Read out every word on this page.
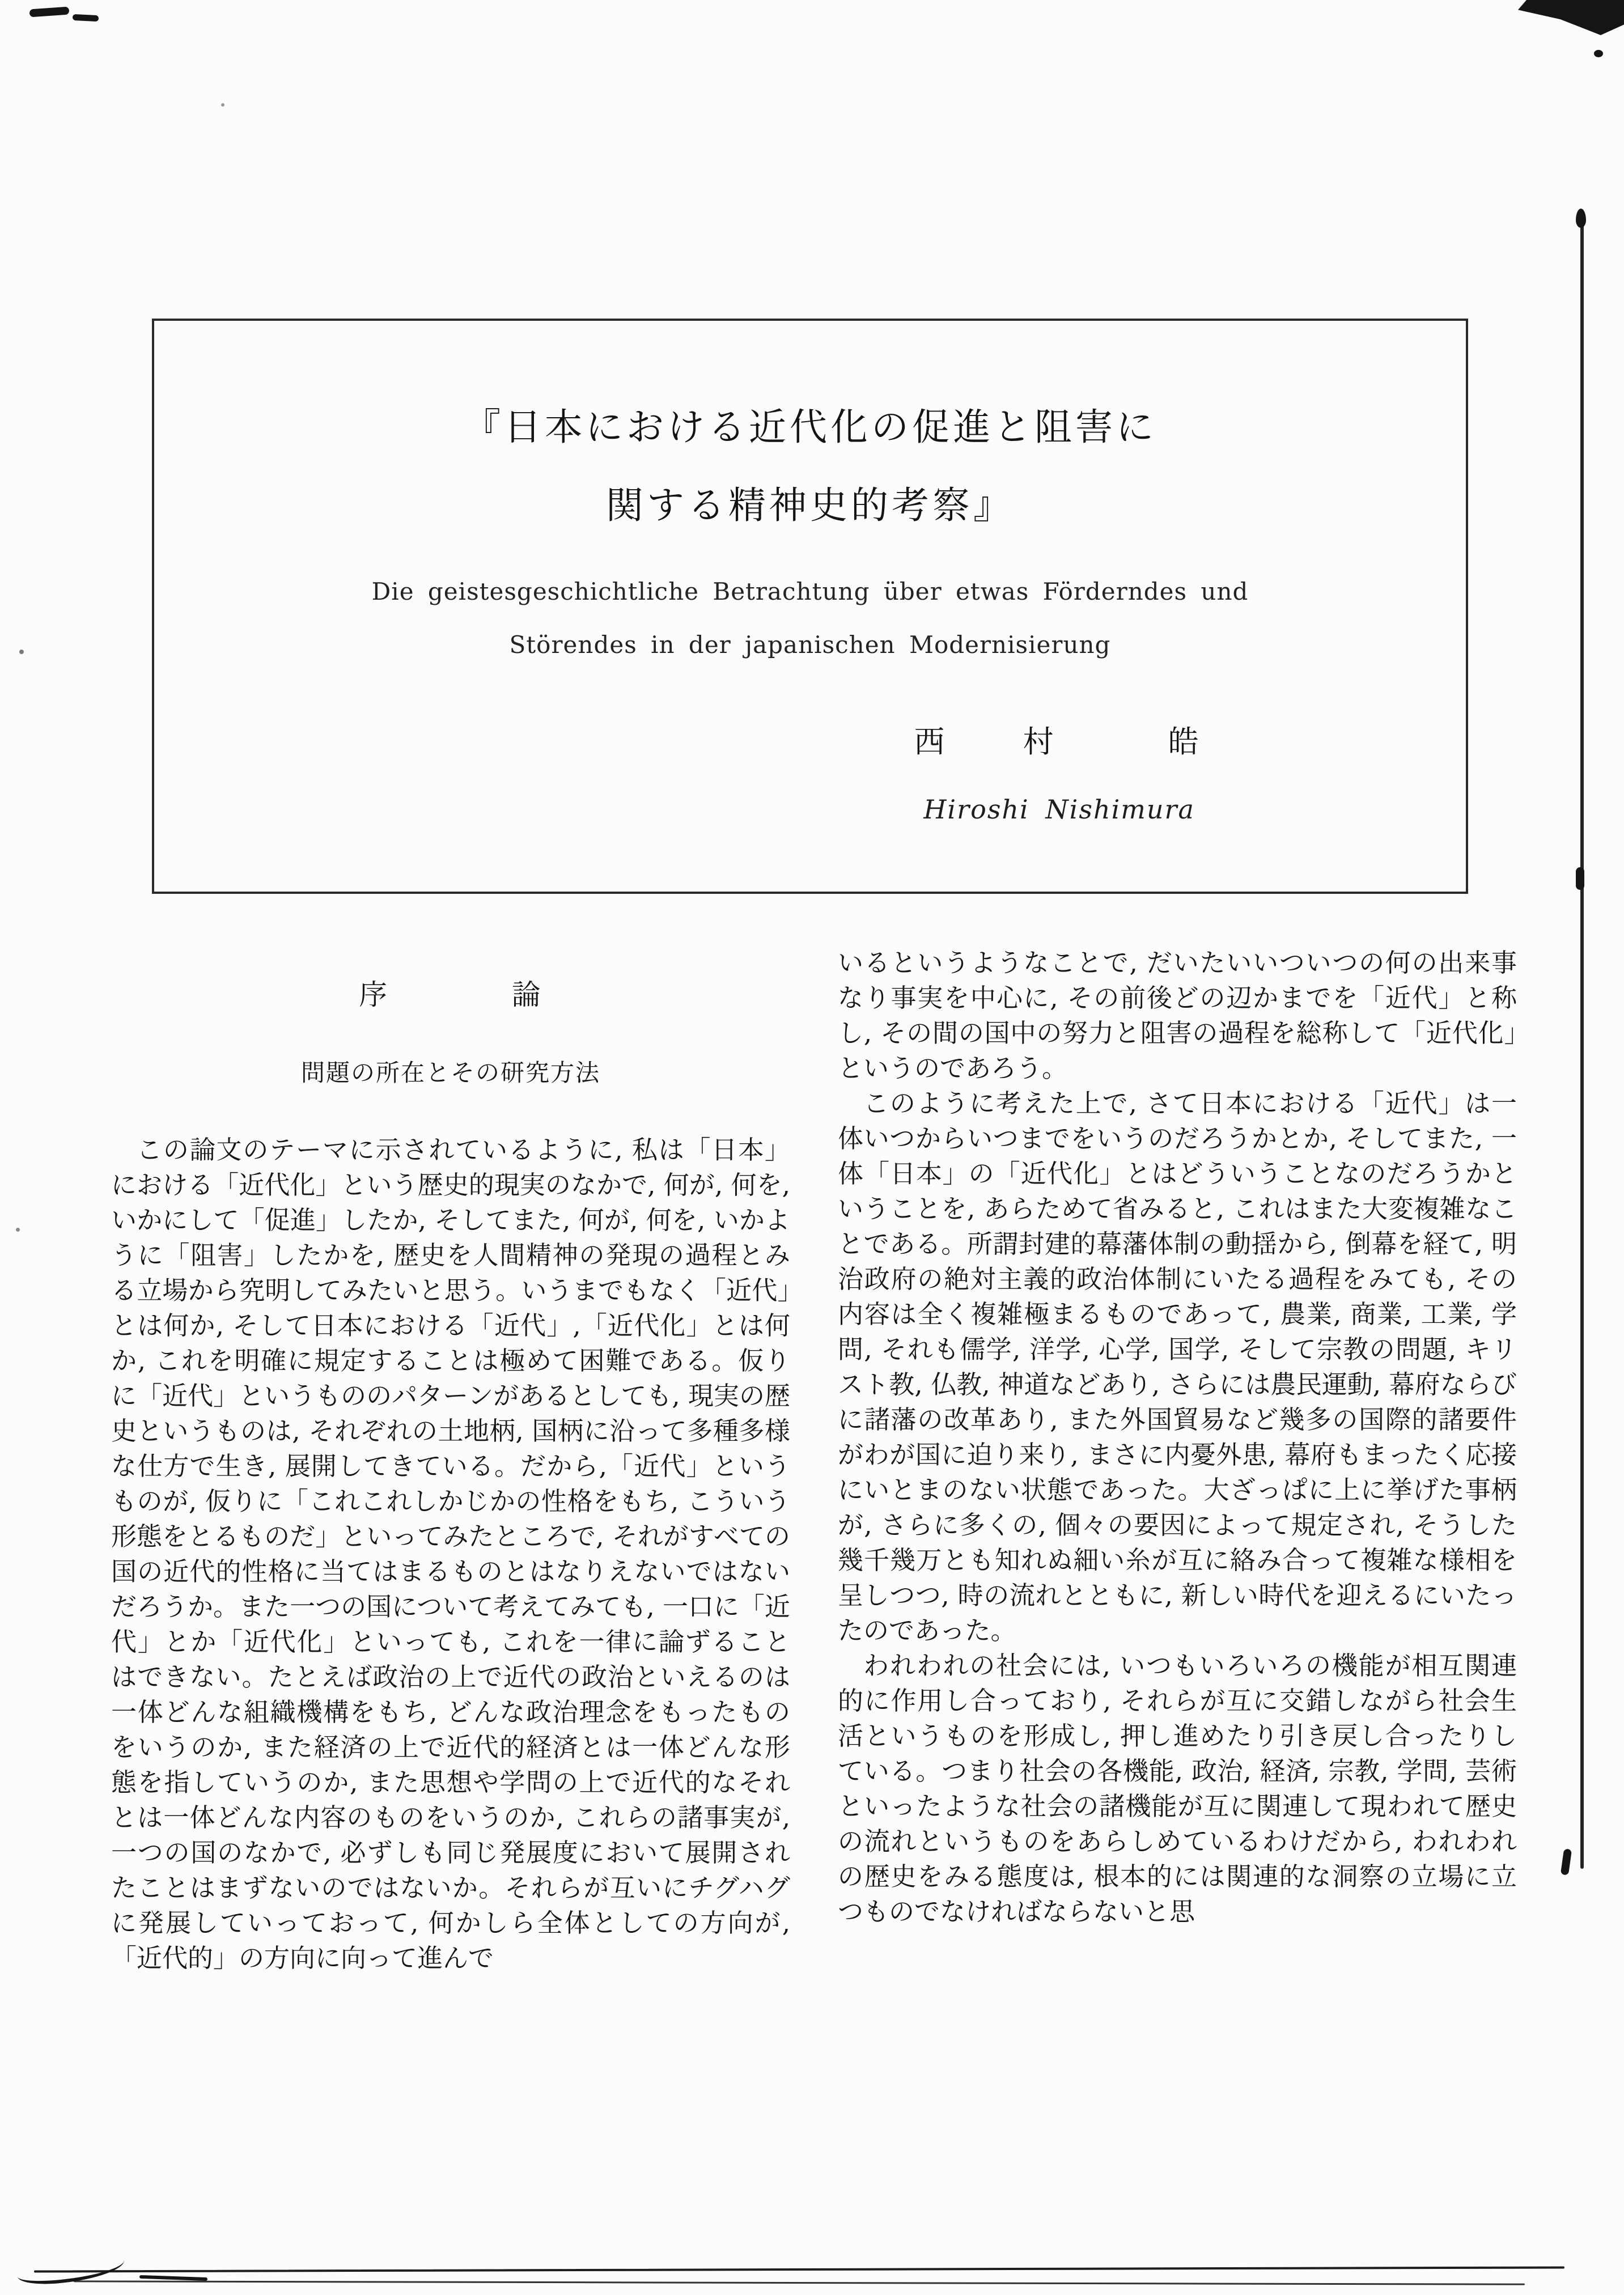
『日本における近代化の促進と阻害に
関する精神史的考察』
Die geistesgeschichtliche Betrachtung über etwas Förderndes und
Störendes in der japanischen Modernisierung
西　　村　　　皓
Hiroshi Nishimura
序　　　　論
問題の所在とその研究方法

この論文のテーマに示されているように, 私は「日本」における「近代化」という歴史的現実のなかで, 何が, 何を, いかにして「促進」したか, そしてまた, 何が, 何を, いかように「阻害」したかを, 歴史を人間精神の発現の過程とみる立場から究明してみたいと思う。いうまでもなく「近代」とは何か, そして日本における「近代」,「近代化」とは何か, これを明確に規定することは極めて困難である。仮りに「近代」というもののパターンがあるとしても, 現実の歴史というものは, それぞれの土地柄, 国柄に沿って多種多様な仕方で生き, 展開してきている。だから,「近代」というものが, 仮りに「これこれしかじかの性格をもち, こういう形態をとるものだ」といってみたところで, それがすべての国の近代的性格に当てはまるものとはなりえないではないだろうか。また一つの国について考えてみても, 一口に「近代」とか「近代化」といっても, これを一律に論ずることはできない。たとえば政治の上で近代の政治といえるのは一体どんな組織機構をもち, どんな政治理念をもったものをいうのか, また経済の上で近代的経済とは一体どんな形態を指していうのか, また思想や学問の上で近代的なそれとは一体どんな内容のものをいうのか, これらの諸事実が, 一つの国のなかで, 必ずしも同じ発展度において展開されたことはまずないのではないか。それらが互いにチグハグに発展していっておって, 何かしら全体としての方向が,「近代的」の方向に向って進んで

いるというようなことで, だいたいいついつの何の出来事なり事実を中心に, その前後どの辺かまでを「近代」と称し, その間の国中の努力と阻害の過程を総称して「近代化」というのであろう。

このように考えた上で, さて日本における「近代」は一体いつからいつまでをいうのだろうかとか, そしてまた, 一体「日本」の「近代化」とはどういうことなのだろうかということを, あらためて省みると, これはまた大変複雑なことである。所謂封建的幕藩体制の動揺から, 倒幕を経て, 明治政府の絶対主義的政治体制にいたる過程をみても, その内容は全く複雑極まるものであって, 農業, 商業, 工業, 学問, それも儒学, 洋学, 心学, 国学, そして宗教の問題, キリスト教, 仏教, 神道などあり, さらには農民運動, 幕府ならびに諸藩の改革あり, また外国貿易など幾多の国際的諸要件がわが国に迫り来り, まさに内憂外患, 幕府もまったく応接にいとまのない状態であった。大ざっぱに上に挙げた事柄が, さらに多くの, 個々の要因によって規定され, そうした幾千幾万とも知れぬ細い糸が互に絡み合って複雑な様相を呈しつつ, 時の流れとともに, 新しい時代を迎えるにいたったのであった。

われわれの社会には, いつもいろいろの機能が相互関連的に作用し合っており, それらが互に交錯しながら社会生活というものを形成し, 押し進めたり引き戻し合ったりしている。つまり社会の各機能, 政治, 経済, 宗教, 学問, 芸術といったような社会の諸機能が互に関連して現われて歴史の流れというものをあらしめているわけだから, われわれの歴史をみる態度は, 根本的には関連的な洞察の立場に立つものでなければならないと思
